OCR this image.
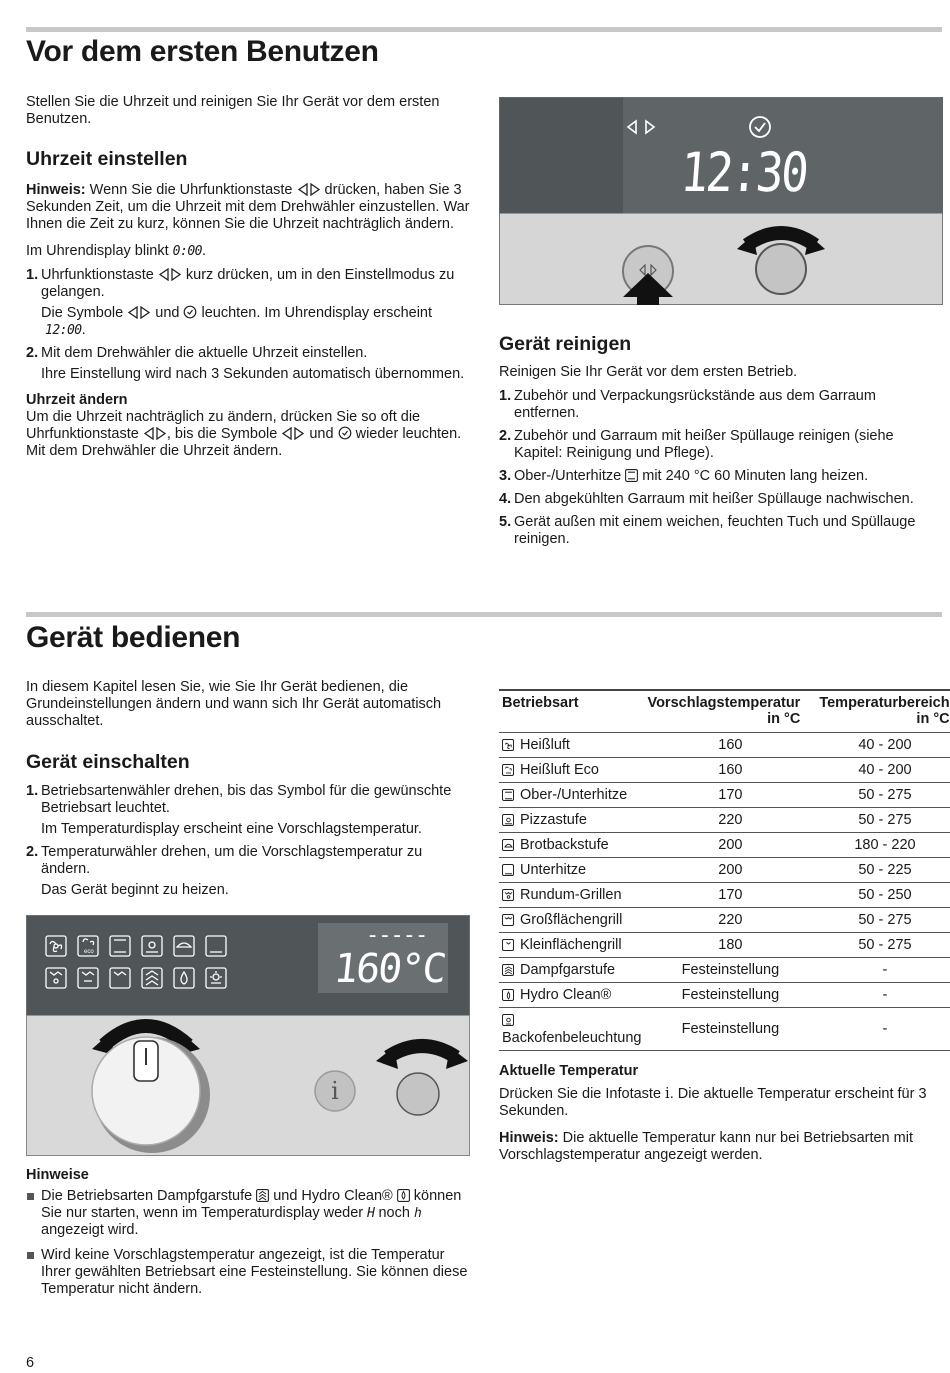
Vor dem ersten Benutzen

Stellen Sie die Uhrzeit und reinigen Sie Ihr Gerät vor dem ersten Benutzen.

Uhrzeit einstellen

Hinweis: Wenn Sie die Uhrfunktionstaste  drücken, haben Sie 3 Sekunden Zeit, um die Uhrzeit mit dem Drehwähler einzustellen. War Ihnen die Zeit zu kurz, können Sie die Uhrzeit nachträglich ändern.

Im Uhrendisplay blinkt 0:00.

1. Uhrfunktionstaste  kurz drücken, um in den Einstellmodus zu gelangen.
Die Symbole  und  leuchten. Im Uhrendisplay erscheint
12:00.
2. Mit dem Drehwähler die aktuelle Uhrzeit einstellen.
Ihre Einstellung wird nach 3 Sekunden automatisch übernommen.
Uhrzeit ändern

Um die Uhrzeit nachträglich zu ändern, drücken Sie so oft die Uhrfunktionstaste , bis die Symbole  und  wieder leuchten. Mit dem Drehwähler die Uhrzeit ändern.

12:30
Gerät reinigen

Reinigen Sie Ihr Gerät vor dem ersten Betrieb.

1. Zubehör und Verpackungsrückstände aus dem Garraum entfernen.
2. Zubehör und Garraum mit heißer Spüllauge reinigen (siehe Kapitel: Reinigung und Pflege).
3. Ober-/Unterhitze  mit 240 °C 60 Minuten lang heizen.
4. Den abgekühlten Garraum mit heißer Spüllauge nachwischen.
5. Gerät außen mit einem weichen, feuchten Tuch und Spüllauge reinigen.
Gerät bedienen

In diesem Kapitel lesen Sie, wie Sie Ihr Gerät bedienen, die Grundeinstellungen ändern und wann sich Ihr Gerät automatisch ausschaltet.

Gerät einschalten
1. Betriebsartenwähler drehen, bis das Symbol für die gewünschte Betriebsart leuchtet.
Im Temperaturdisplay erscheint eine Vorschlagstemperatur.
2. Temperaturwähler drehen, um die Vorschlagstemperatur zu ändern.
Das Gerät beginnt zu heizen.
eco
-----
160°C
i
Hinweise
Die Betriebsarten Dampfgarstufe  und Hydro Clean®  können Sie nur starten, wenn im Temperaturdisplay weder H noch h angezeigt wird.
Wird keine Vorschlagstemperatur angezeigt, ist die Temperatur Ihrer gewählten Betriebsart eine Festeinstellung. Sie können diese Temperatur nicht ändern.
Betriebsart	Vorschlagstemperatur in °C	Temperaturbereich in °C

Heißluft	160	40 - 200

Heißluft Eco	160	40 - 200

Ober-/Unterhitze	170	50 - 275

Pizzastufe	220	50 - 275

Brotbackstufe	200	180 - 220

Unterhitze	200	50 - 225

Rundum-Grillen	170	50 - 250

Großflächengrill	220	50 - 275

Kleinflächengrill	180	50 - 275

Dampfgarstufe	Festeinstellung	-

Hydro Clean®	Festeinstellung	-

Backofenbeleuchtung	Festeinstellung	-
Aktuelle Temperatur

Drücken Sie die Infotaste i. Die aktuelle Temperatur erscheint für 3 Sekunden.

Hinweis: Die aktuelle Temperatur kann nur bei Betriebsarten mit Vorschlagstemperatur angezeigt werden.

6
